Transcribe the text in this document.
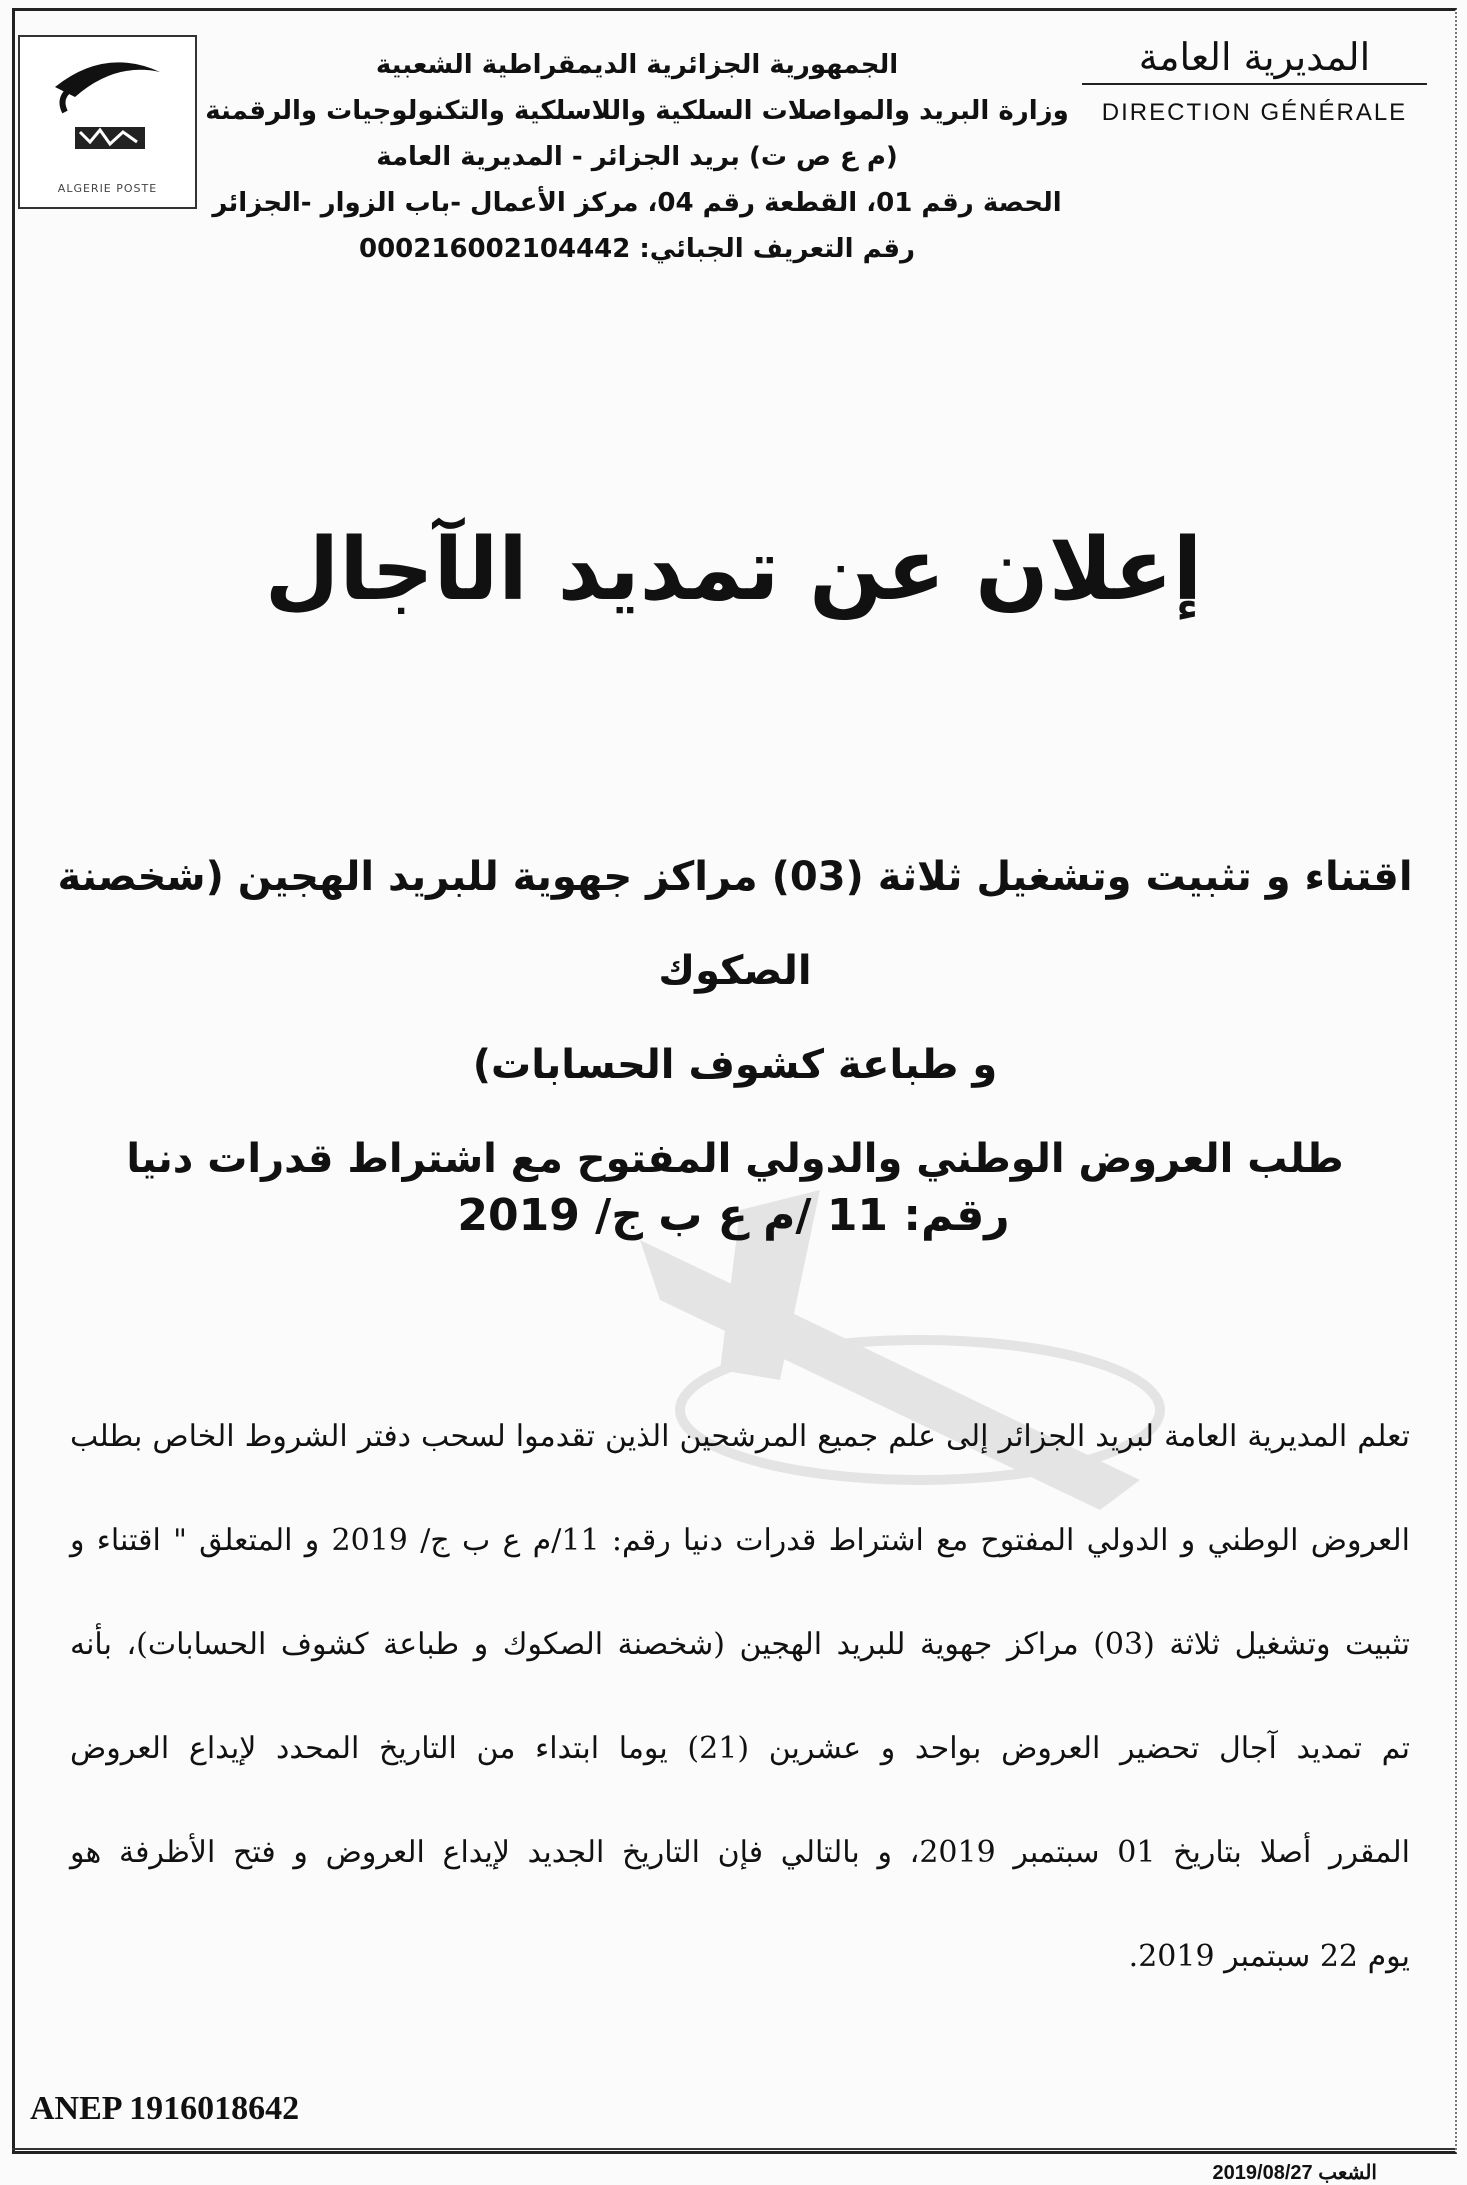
ALGERIE POSTE
الجمهورية الجزائرية الديمقراطية الشعبية
وزارة البريد والمواصلات السلكية واللاسلكية والتكنولوجيات والرقمنة
(م ع ص ت) بريد الجزائر - المديرية العامة
الحصة رقم 01، القطعة رقم 04، مركز الأعمال -باب الزوار -الجزائر
رقم التعريف الجبائي: 000216002104442
المديرية العامة
DIRECTION GÉNÉRALE
إعلان عن تمديد الآجال
اقتناء و تثبيت وتشغيل ثلاثة (03) مراكز جهوية للبريد الهجين (شخصنة الصكوك
و طباعة كشوف الحسابات)
طلب العروض الوطني والدولي المفتوح مع اشتراط قدرات دنيا
رقم: 11 /م ع ب ج/ 2019
تعلم المديرية العامة لبريد الجزائر إلى علم جميع المرشحين الذين تقدموا لسحب دفتر الشروط الخاص بطلب
العروض الوطني و الدولي المفتوح مع اشتراط قدرات دنيا رقم: 11/م ع ب ج/ 2019 و المتعلق " اقتناء و
تثبيت وتشغيل ثلاثة (03) مراكز جهوية للبريد الهجين (شخصنة الصكوك و طباعة كشوف الحسابات)، بأنه
تم تمديد آجال تحضير العروض بواحد و عشرين (21) يوما ابتداء من التاريخ المحدد لإيداع العروض
المقرر أصلا بتاريخ 01 سبتمبر 2019، و بالتالي فإن التاريخ الجديد لإيداع العروض و فتح الأظرفة هو
يوم 22 سبتمبر 2019.
ANEP 1916018642
الشعب 2019/08/27
